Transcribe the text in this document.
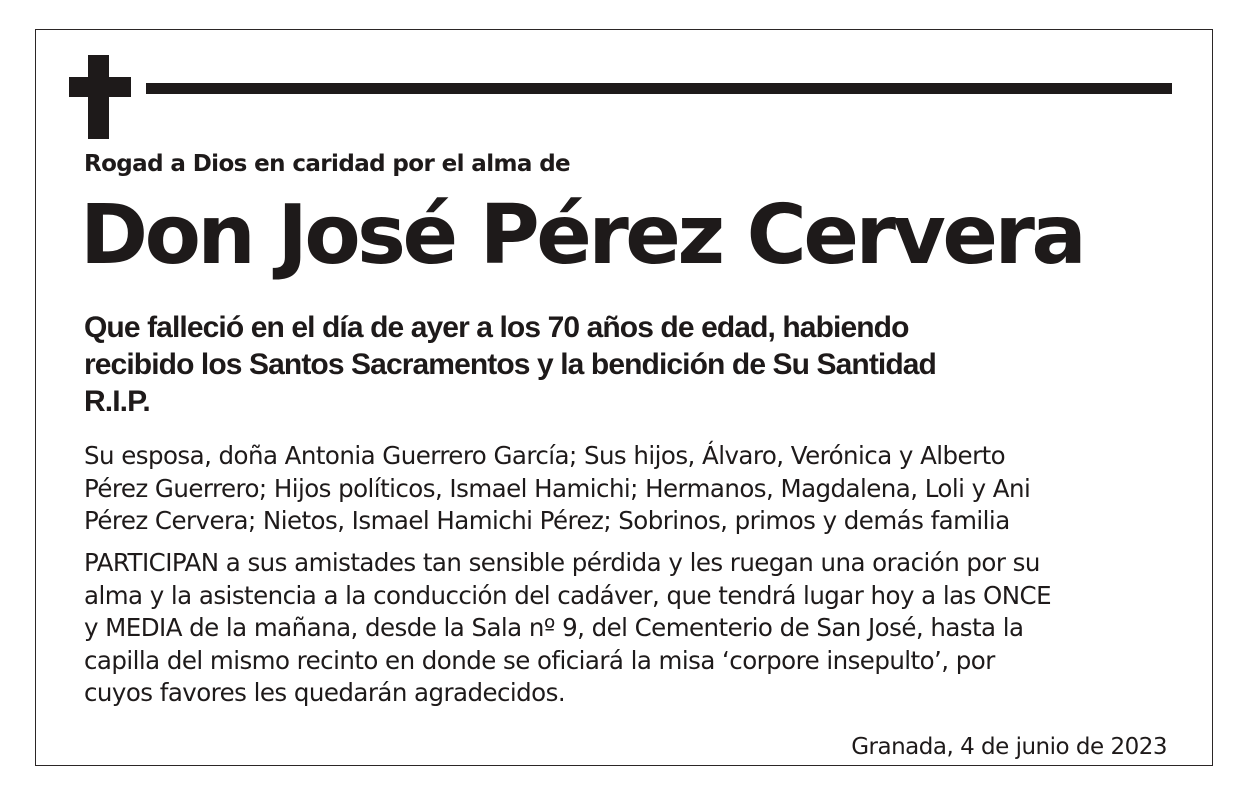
Rogad a Dios en caridad por el alma de
Don José Pérez Cervera
Que falleció en el día de ayer a los 70 años de edad, habiendo
recibido los Santos Sacramentos y la bendición de Su Santidad
R.I.P.
Su esposa, doña Antonia Guerrero García; Sus hijos, Álvaro, Verónica y Alberto
Pérez Guerrero; Hijos políticos, Ismael Hamichi; Hermanos, Magdalena, Loli y Ani
Pérez Cervera; Nietos, Ismael Hamichi Pérez; Sobrinos, primos y demás familia
PARTICIPAN a sus amistades tan sensible pérdida y les ruegan una oración por su
alma y la asistencia a la conducción del cadáver, que tendrá lugar hoy a las ONCE
y MEDIA de la mañana, desde la Sala nº 9, del Cementerio de San José, hasta la
capilla del mismo recinto en donde se oficiará la misa ‘corpore insepulto’, por
cuyos favores les quedarán agradecidos.
Granada, 4 de junio de 2023
